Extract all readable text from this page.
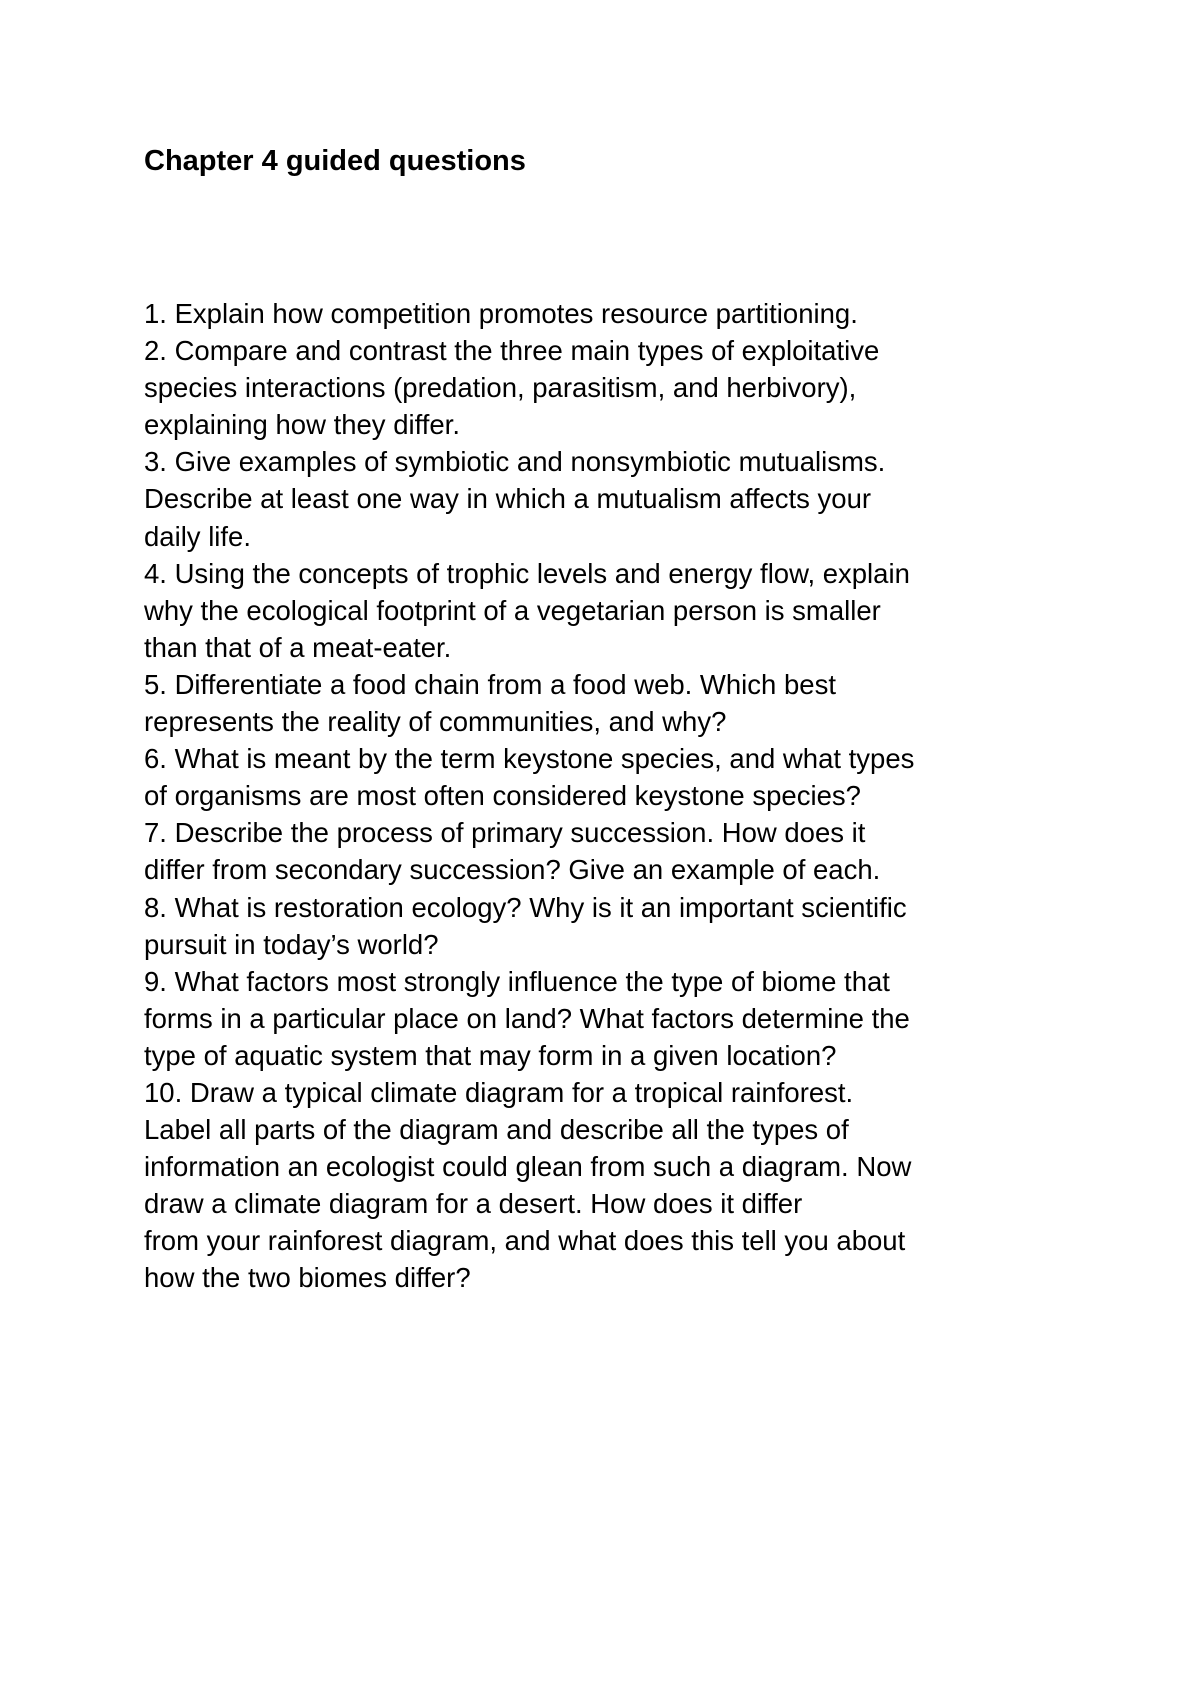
Chapter 4 guided questions
1. Explain how competition promotes resource partitioning.
2. Compare and contrast the three main types of exploitative
species interactions (predation, parasitism, and herbivory),
explaining how they differ.
3. Give examples of symbiotic and nonsymbiotic mutualisms.
Describe at least one way in which a mutualism affects your
daily life.
4. Using the concepts of trophic levels and energy flow, explain
why the ecological footprint of a vegetarian person is smaller
than that of a meat-eater.
5. Differentiate a food chain from a food web. Which best
represents the reality of communities, and why?
6. What is meant by the term keystone species, and what types
of organisms are most often considered keystone species?
7. Describe the process of primary succession. How does it
differ from secondary succession? Give an example of each.
8. What is restoration ecology? Why is it an important scientific
pursuit in today’s world?
9. What factors most strongly influence the type of biome that
forms in a particular place on land? What factors determine the
type of aquatic system that may form in a given location?
10. Draw a typical climate diagram for a tropical rainforest.
Label all parts of the diagram and describe all the types of
information an ecologist could glean from such a diagram. Now
draw a climate diagram for a desert. How does it differ
from your rainforest diagram, and what does this tell you about
how the two biomes differ?
